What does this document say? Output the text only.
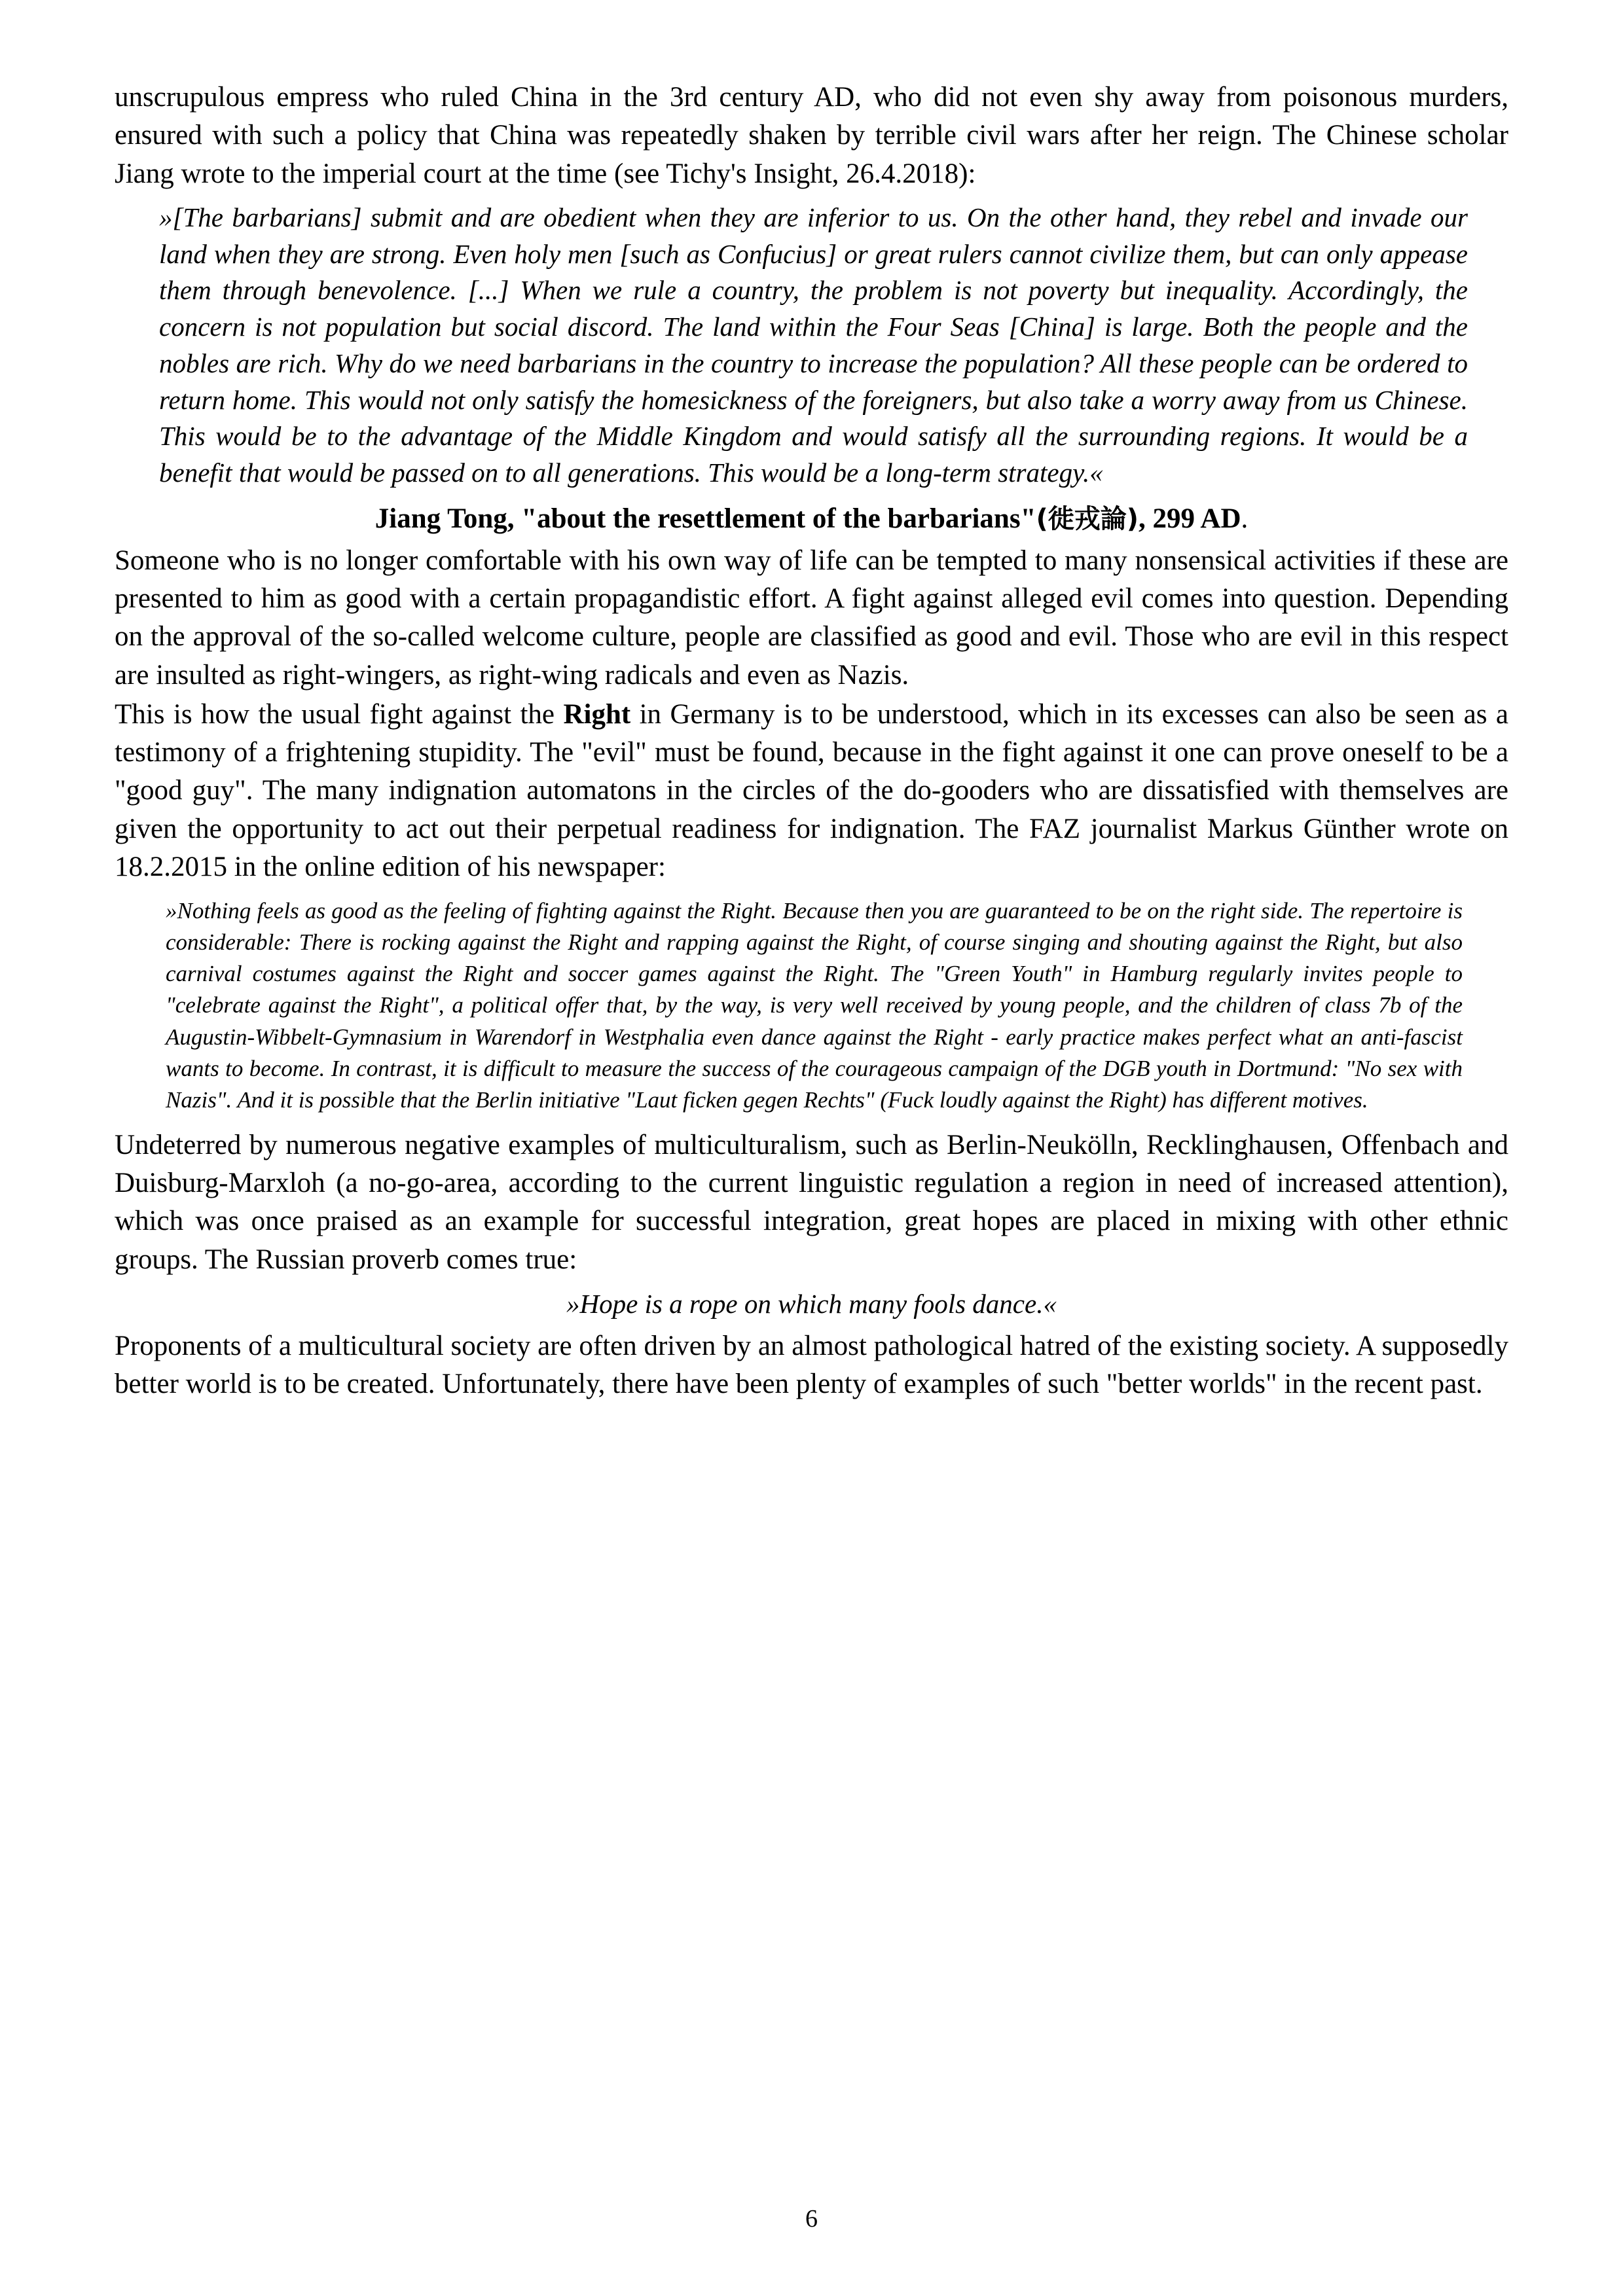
unscrupulous empress who ruled China in the 3rd century AD, who did not even shy away from poisonous murders, ensured with such a policy that China was repeatedly shaken by terrible civil wars after her reign. The Chinese scholar Jiang wrote to the imperial court at the time (see Tichy's Insight, 26.4.2018):

»[The barbarians] submit and are obedient when they are inferior to us. On the other hand, they rebel and invade our land when they are strong. Even holy men [such as Confucius] or great rulers cannot civilize them, but can only appease them through benevolence. [...] When we rule a country, the problem is not poverty but inequality. Accordingly, the concern is not population but social discord. The land within the Four Seas [China] is large. Both the people and the nobles are rich. Why do we need barbarians in the country to increase the population? All these people can be ordered to return home. This would not only satisfy the homesickness of the foreigners, but also take a worry away from us Chinese. This would be to the advantage of the Middle Kingdom and would satisfy all the surrounding regions. It would be a benefit that would be passed on to all generations. This would be a long-term strategy.«

Jiang Tong, "about the resettlement of the barbarians"(徙戎論), 299 AD.

Someone who is no longer comfortable with his own way of life can be tempted to many nonsensical activities if these are presented to him as good with a certain propagandistic effort. A fight against alleged evil comes into question. Depending on the approval of the so-called welcome culture, people are classified as good and evil. Those who are evil in this respect are insulted as right-wingers, as right-wing radicals and even as Nazis.

This is how the usual fight against the Right in Germany is to be understood, which in its excesses can also be seen as a testimony of a frightening stupidity. The "evil" must be found, because in the fight against it one can prove oneself to be a "good guy". The many indignation automatons in the circles of the do-gooders who are dissatisfied with themselves are given the opportunity to act out their perpetual readiness for indignation. The FAZ journalist Markus Günther wrote on 18.2.2015 in the online edition of his newspaper:

»Nothing feels as good as the feeling of fighting against the Right. Because then you are guaranteed to be on the right side. The repertoire is considerable: There is rocking against the Right and rapping against the Right, of course singing and shouting against the Right, but also carnival costumes against the Right and soccer games against the Right. The "Green Youth" in Hamburg regularly invites people to "celebrate against the Right", a political offer that, by the way, is very well received by young people, and the children of class 7b of the Augustin-Wibbelt-Gymnasium in Warendorf in Westphalia even dance against the Right - early practice makes perfect what an anti-fascist wants to become. In contrast, it is difficult to measure the success of the courageous campaign of the DGB youth in Dortmund: "No sex with Nazis". And it is possible that the Berlin initiative "Laut ficken gegen Rechts" (Fuck loudly against the Right) has different motives.

Undeterred by numerous negative examples of multiculturalism, such as Berlin-Neukölln, Recklinghausen, Offenbach and Duisburg-Marxloh (a no-go-area, according to the current linguistic regulation a region in need of increased attention), which was once praised as an example for successful integration, great hopes are placed in mixing with other ethnic groups. The Russian proverb comes true:

»Hope is a rope on which many fools dance.«

Proponents of a multicultural society are often driven by an almost pathological hatred of the existing society. A supposedly better world is to be created. Unfortunately, there have been plenty of examples of such "better worlds" in the recent past.

6
